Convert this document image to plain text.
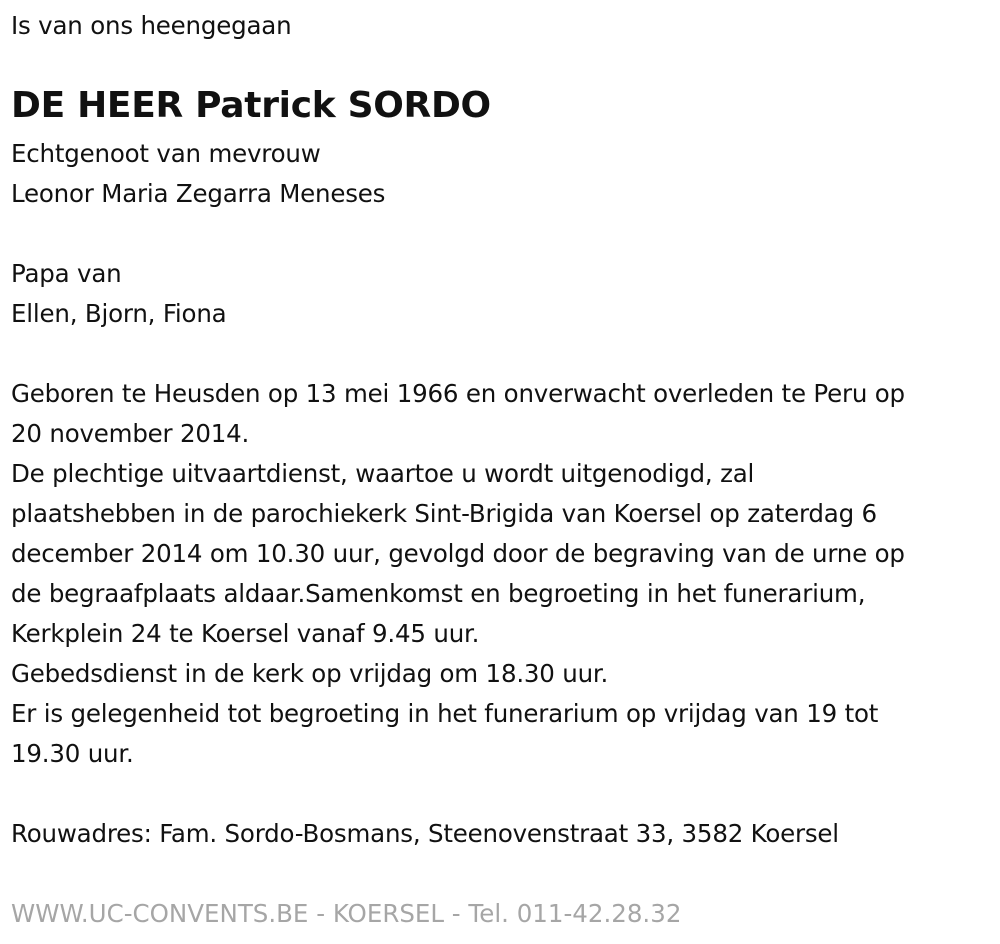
Is van ons heengegaan
DE HEER Patrick SORDO
Echtgenoot van mevrouw
Leonor Maria Zegarra Meneses
Papa van
Ellen, Bjorn, Fiona
Geboren te Heusden op 13 mei 1966 en onverwacht overleden te Peru op
20 november 2014.
De plechtige uitvaartdienst, waartoe u wordt uitgenodigd, zal
plaatshebben in de parochiekerk Sint-Brigida van Koersel op zaterdag 6
december 2014 om 10.30 uur, gevolgd door de begraving van de urne op
de begraafplaats aldaar.Samenkomst en begroeting in het funerarium,
Kerkplein 24 te Koersel vanaf 9.45 uur.
Gebedsdienst in de kerk op vrijdag om 18.30 uur.
Er is gelegenheid tot begroeting in het funerarium op vrijdag van 19 tot
19.30 uur.
Rouwadres: Fam. Sordo-Bosmans, Steenovenstraat 33, 3582 Koersel
WWW.UC-CONVENTS.BE - KOERSEL - Tel. 011-42.28.32
